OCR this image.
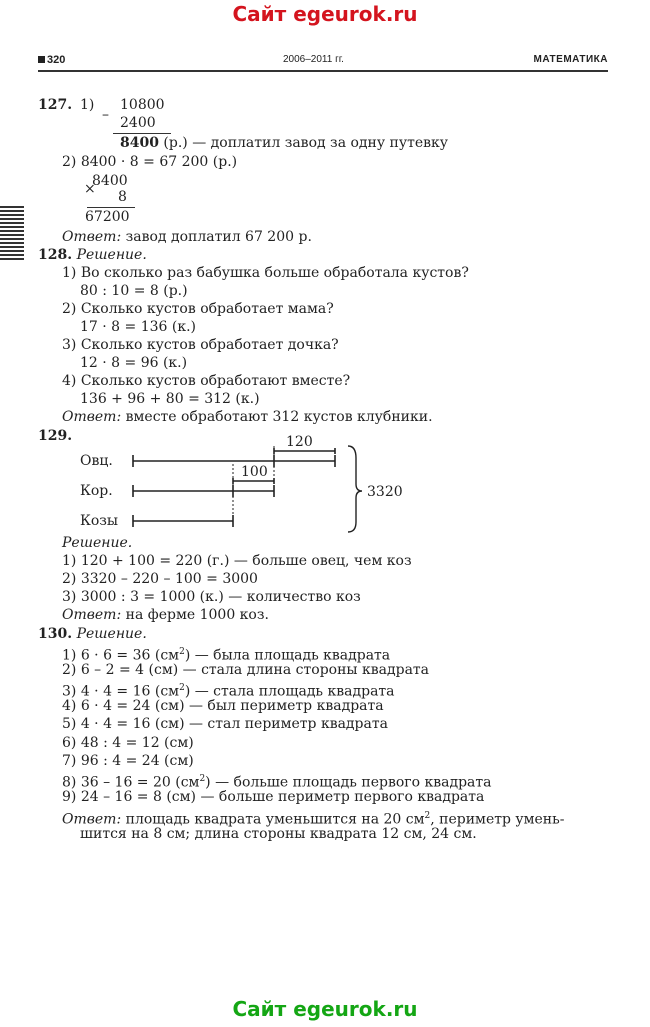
Сайт egeurok.ru
320	2006–2011 гг.	МАТЕМАТИКА
127. 1) 10800
– 2400
8400 (р.) — доплатил завод за одну путевку
2) 8400 · 8 = 67 200 (р.)
×
8400
8
67200
Ответ: завод доплатил 67 200 р.
128. Решение.
1) Во сколько раз бабушка больше обработала кустов?
80 : 10 = 8 (р.)
2) Сколько кустов обработает мама?
17 · 8 = 136 (к.)
3) Сколько кустов обработает дочка?
12 · 8 = 96 (к.)
4) Сколько кустов обработают вместе?
136 + 96 + 80 = 312 (к.)
Ответ: вместе обработают 312 кустов клубники.
129.
Овц.
Кор.
Козы
120
100
3320
Решение.
1) 120 + 100 = 220 (г.) — больше овец, чем коз
2) 3320 – 220 – 100 = 3000
3) 3000 : 3 = 1000 (к.) — количество коз
Ответ: на ферме 1000 коз.
130. Решение.
1) 6 · 6 = 36 $(см^2)$ — была площадь квадрата
2) 6 – 2 = 4 (см) — стала длина стороны квадрата
3) 4 · 4 = 16 $(см^2)$ — стала площадь квадрата
4) 6 · 4 = 24 (см) — был периметр квадрата
5) 4 · 4 = 16 (см) — стал периметр квадрата
6) 48 : 4 = 12 (см)
7) 96 : 4 = 24 (см)
8) 36 – 16 = 20 $(см^2)$ — больше площадь первого квадрата
9) 24 – 16 = 8 (см) — больше периметр первого квадрата
Ответ: площадь квадрата уменьшится на 20 $см^2$, периметр умень-
шится на 8 см; длина стороны квадрата 12 см, 24 см.
Сайт egeurok.ru
